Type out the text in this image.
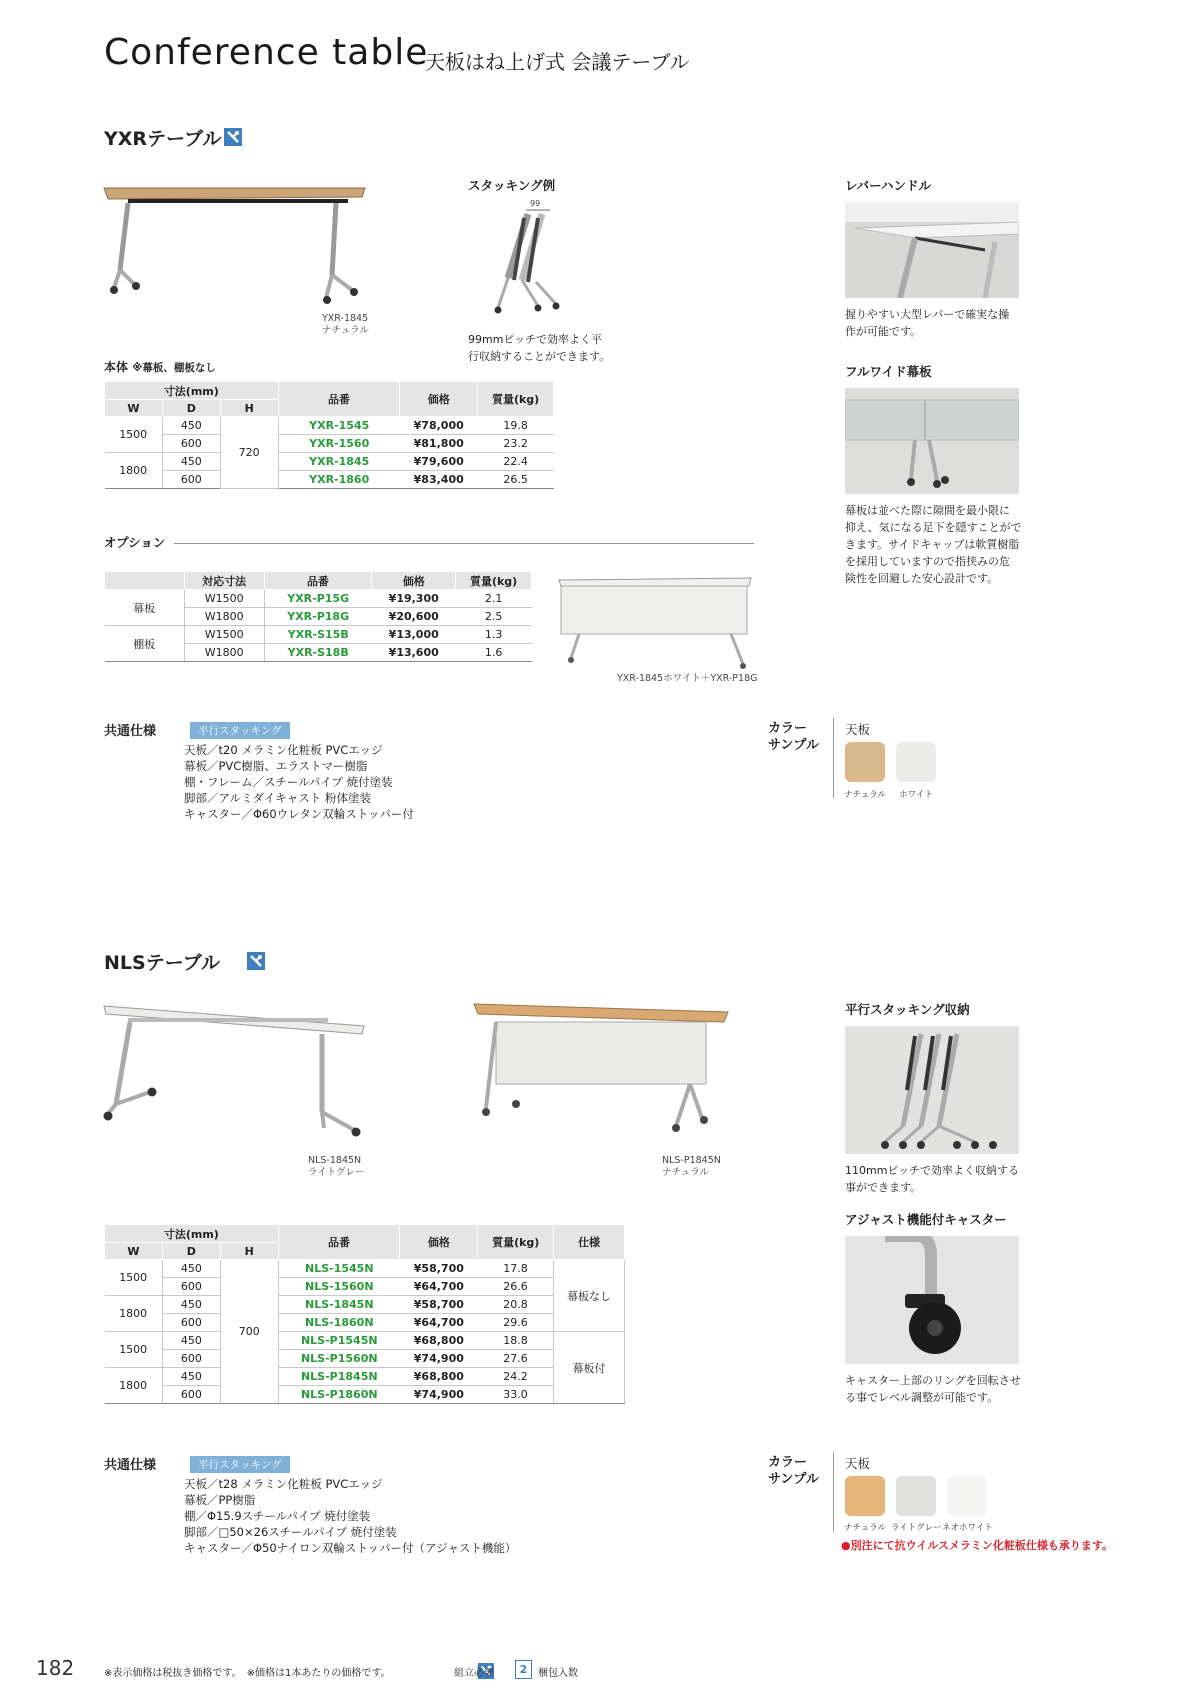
Conference table
天板はね上げ式 会議テーブル
YXRテーブル

YXR-1845
ナチュラル
スタッキング例
99
99mmピッチで効率よく平
行収納することができます。
レバーハンドル
握りやすい大型レバーで確実な操
作が可能です。
フルワイド幕板
幕板は並べた際に隙間を最小限に
抑え、気になる足下を隠すことがで
きます。サイドキャップは軟質樹脂
を採用していますので指挟みの危
険性を回避した安心設計です。
本体 ※幕板、棚板なし
寸法(mm)			品番	価格	質量(kg)
W	D	H			
1500	450	720	YXR-1545	¥78,000	19.8
	600		YXR-1560	¥81,800	23.2
1800	450		YXR-1845	¥79,600	22.4
	600		YXR-1860	¥83,400	26.5
オプション
	対応寸法	品番	価格	質量(kg)
幕板	W1500	YXR-P15G	¥19,300	2.1
	W1800	YXR-P18G	¥20,600	2.5
棚板	W1500	YXR-S15B	¥13,000	1.3
	W1800	YXR-S18B	¥13,600	1.6
YXR-1845ホワイト＋YXR-P18G
共通仕様	平行スタッキング
天板／t20 メラミン化粧板 PVCエッジ
幕板／PVC樹脂、エラストマー樹脂
棚・フレーム／スチールパイプ 焼付塗装
脚部／アルミダイキャスト 粉体塗装
キャスター／Φ60ウレタン双輪ストッパー付
カラー
サンプル
天板
ナチュラル	ホワイト
NLSテーブル

NLS-1845N
ライトグレー
NLS-P1845N
ナチュラル
平行スタッキング収納
110mmピッチで効率よく収納する
事ができます。
アジャスト機能付キャスター
キャスター上部のリングを回転させ
る事でレベル調整が可能です。
寸法(mm)			品番	価格	質量(kg)	仕様
W	D	H				
1500	450	700	NLS-1545N	¥58,700	17.8	幕板なし
	600		NLS-1560N	¥64,700	26.6	
1800	450		NLS-1845N	¥58,700	20.8	
	600		NLS-1860N	¥64,700	29.6	
1500	450		NLS-P1545N	¥68,800	18.8	幕板付
	600		NLS-P1560N	¥74,900	27.6	
1800	450		NLS-P1845N	¥68,800	24.2	
	600		NLS-P1860N	¥74,900	33.0	
共通仕様	平行スタッキング
天板／t28 メラミン化粧板 PVCエッジ
幕板／PP樹脂
棚／Φ15.9スチールパイプ 焼付塗装
脚部／□50×26スチールパイプ 焼付塗装
キャスター／Φ50ナイロン双輪ストッパー付（アジャスト機能）
カラー
サンプル
天板
ナチュラル ライトグレー ネオホワイト
●別注にて抗ウイルスメラミン化粧板仕様も承ります。
182	※表示価格は税抜き価格です。　※価格は1本あたりの価格です。	組立必要	2	梱包入数
